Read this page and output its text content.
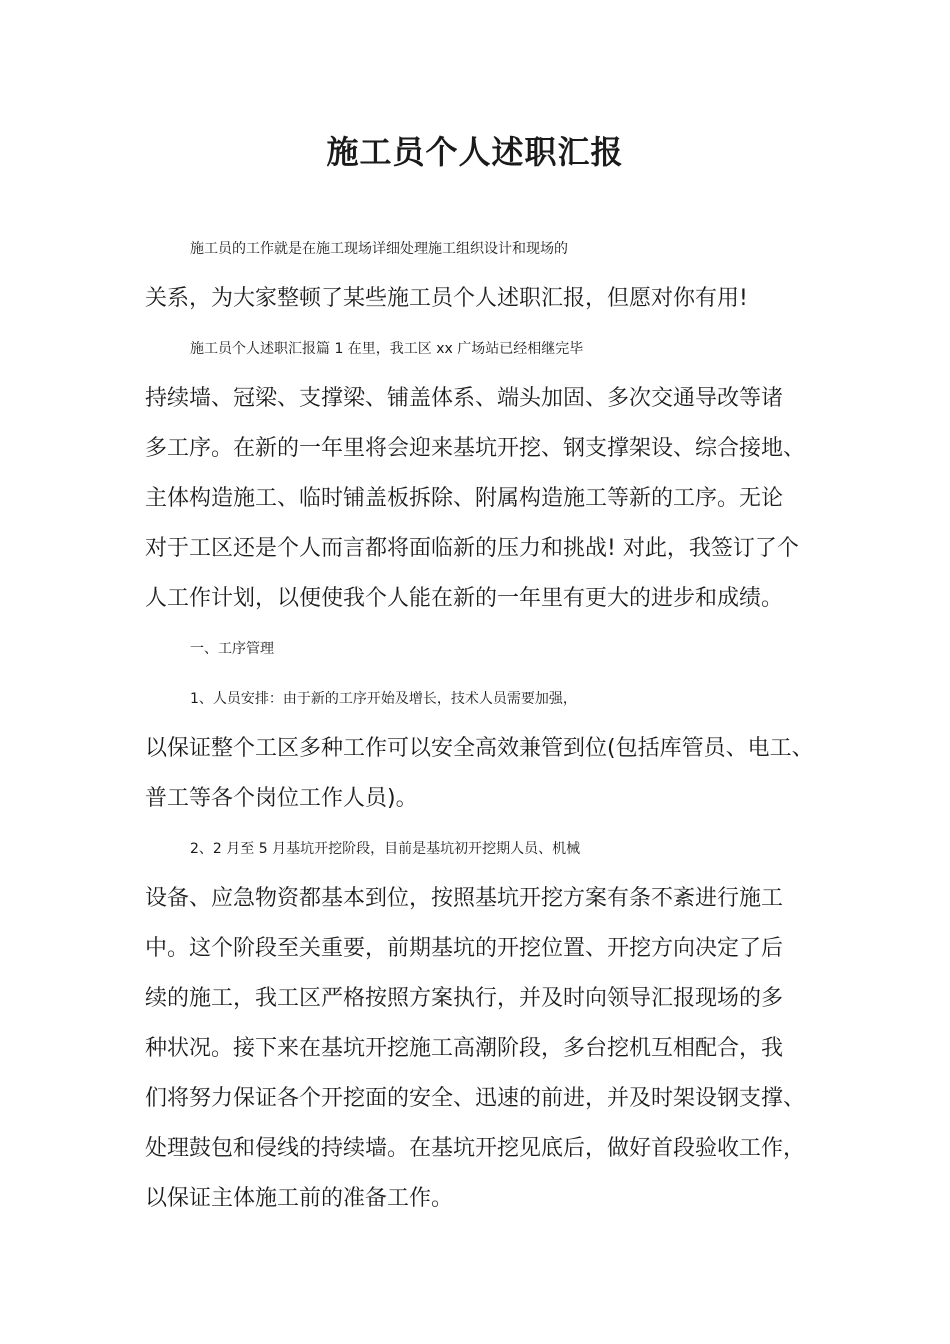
施工员个人述职汇报

施工员的工作就是在施工现场详细处理施工组织设计和现场的

关系，为大家整顿了某些施工员个人述职汇报，但愿对你有用!

施工员个人述职汇报篇 1 在里，我工区 xx 广场站已经相继完毕

持续墙、冠梁、支撑梁、铺盖体系、端头加固、多次交通导改等诸

多工序。在新的一年里将会迎来基坑开挖、钢支撑架设、综合接地、

主体构造施工、临时铺盖板拆除、附属构造施工等新的工序。无论

对于工区还是个人而言都将面临新的压力和挑战! 对此，我签订了个

人工作计划，以便使我个人能在新的一年里有更大的进步和成绩。

一、工序管理

1、人员安排：由于新的工序开始及增长，技术人员需要加强，

以保证整个工区多种工作可以安全高效兼管到位(包括库管员、电工、

普工等各个岗位工作人员)。

2、2 月至 5 月基坑开挖阶段，目前是基坑初开挖期人员、机械

设备、应急物资都基本到位，按照基坑开挖方案有条不紊进行施工

中。这个阶段至关重要，前期基坑的开挖位置、开挖方向决定了后

续的施工，我工区严格按照方案执行，并及时向领导汇报现场的多

种状况。接下来在基坑开挖施工高潮阶段，多台挖机互相配合，我

们将努力保证各个开挖面的安全、迅速的前进，并及时架设钢支撑、

处理鼓包和侵线的持续墙。在基坑开挖见底后，做好首段验收工作，

以保证主体施工前的准备工作。
